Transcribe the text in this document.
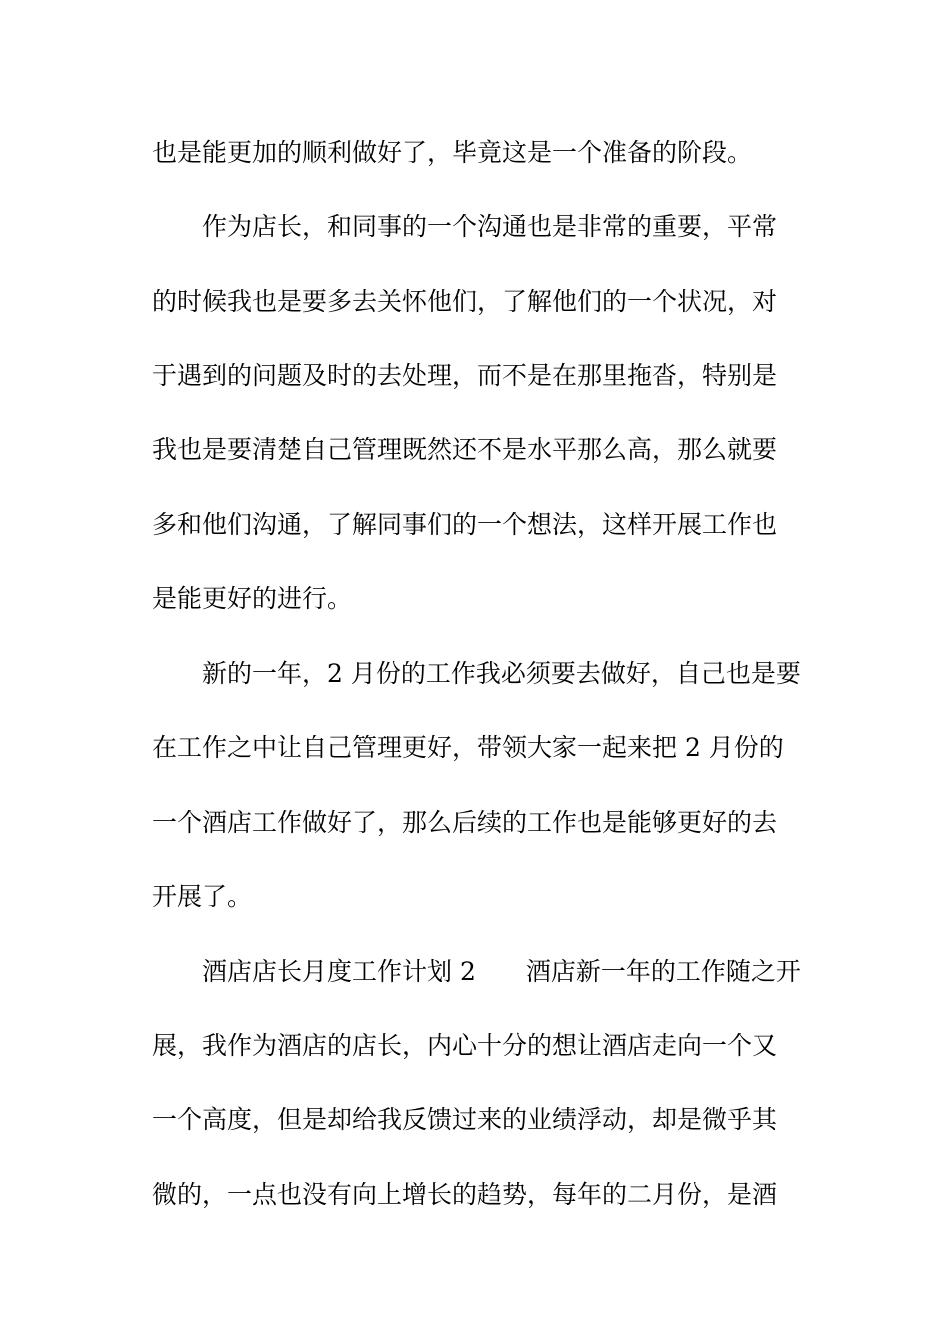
也是能更加的顺利做好了，毕竟这是一个准备的阶段。
作为店长，和同事的一个沟通也是非常的重要，平常
的时候我也是要多去关怀他们，了解他们的一个状况，对
于遇到的问题及时的去处理，而不是在那里拖沓，特别是
我也是要清楚自己管理既然还不是水平那么高，那么就要
多和他们沟通，了解同事们的一个想法，这样开展工作也
是能更好的进行。
新的一年，2 月份的工作我必须要去做好，自己也是要
在工作之中让自己管理更好，带领大家一起来把 2 月份的
一个酒店工作做好了，那么后续的工作也是能够更好的去
开展了。
酒店店长月度工作计划 2　　酒店新一年的工作随之开
展，我作为酒店的店长，内心十分的想让酒店走向一个又
一个高度，但是却给我反馈过来的业绩浮动，却是微乎其
微的，一点也没有向上增长的趋势，每年的二月份，是酒
